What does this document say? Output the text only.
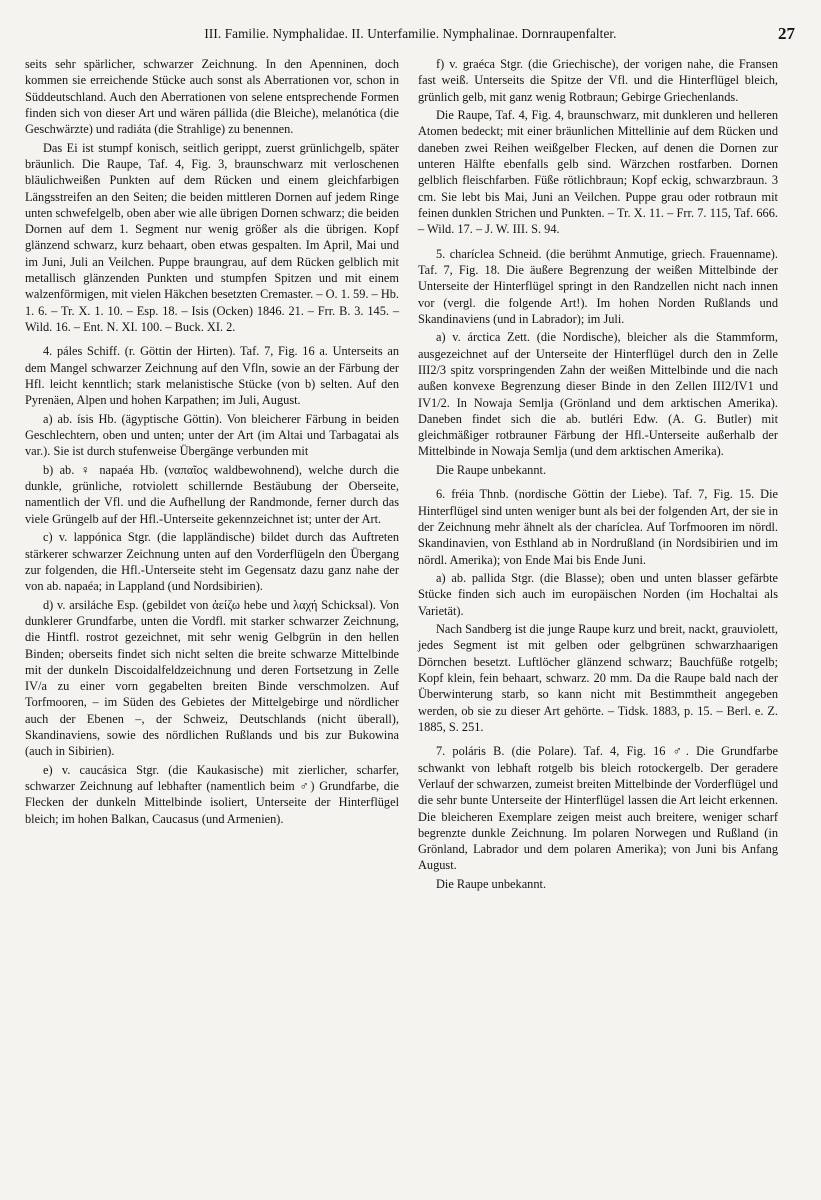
III. Familie. Nymphalidae. II. Unterfamilie. Nymphalinae. Dornraupenfalter.	27

seits sehr spärlicher, schwarzer Zeichnung. In den Apenninen, doch kommen sie erreichende Stücke auch sonst als Aberrationen vor, schon in Süddeutschland. Auch den Aberrationen von selene entsprechende Formen finden sich von dieser Art und wären pállida (die Bleiche), melanótica (die Geschwärzte) und radiáta (die Strahlige) zu benennen.

Das Ei ist stumpf konisch, seitlich gerippt, zuerst grünlichgelb, später bräunlich. Die Raupe, Taf. 4, Fig. 3, braunschwarz mit verloschenen bläulichweißen Punkten auf dem Rücken und einem gleichfarbigen Längsstreifen an den Seiten; die beiden mittleren Dornen auf jedem Ringe unten schwefelgelb, oben aber wie alle übrigen Dornen schwarz; die beiden Dornen auf dem 1. Segment nur wenig größer als die übrigen. Kopf glänzend schwarz, kurz behaart, oben etwas gespalten. Im April, Mai und im Juni, Juli an Veilchen. Puppe braungrau, auf dem Rücken gelblich mit metallisch glänzenden Punkten und stumpfen Spitzen und mit einem walzenförmigen, mit vielen Häkchen besetzten Cremaster. – O. 1. 59. – Hb. 1. 6. – Tr. X. 1. 10. – Esp. 18. – Isis (Ocken) 1846. 21. – Frr. B. 3. 145. – Wild. 16. – Ent. N. XI. 100. – Buck. XI. 2.

4. páles Schiff. (r. Göttin der Hirten). Taf. 7, Fig. 16 a. Unterseits an dem Mangel schwarzer Zeichnung auf den Vfln, sowie an der Färbung der Hfl. leicht kenntlich; stark melanistische Stücke (von b) selten. Auf den Pyrenäen, Alpen und hohen Karpathen; im Juli, August.

a) ab. ísis Hb. (ägyptische Göttin). Von bleicherer Färbung in beiden Geschlechtern, oben und unten; unter der Art (im Altai und Tarbagatai als var.). Sie ist durch stufenweise Übergänge verbunden mit

b) ab. ♀ napaéa Hb. (ναπαῖος waldbewohnend), welche durch die dunkle, grünliche, rotviolett schillernde Bestäubung der Oberseite, namentlich der Vfl. und die Aufhellung der Randmonde, ferner durch das viele Grüngelb auf der Hfl.-Unterseite gekennzeichnet ist; unter der Art.

c) v. lappónica Stgr. (die lappländische) bildet durch das Auftreten stärkerer schwarzer Zeichnung unten auf den Vorderflügeln den Übergang zur folgenden, die Hfl.-Unterseite steht im Gegensatz dazu ganz nahe der von ab. napaéa; in Lappland (und Nordsibirien).

d) v. arsiláche Esp. (gebildet von ἀείζω hebe und λαχή Schicksal). Von dunklerer Grundfarbe, unten die Vordfl. mit starker schwarzer Zeichnung, die Hintfl. rostrot gezeichnet, mit sehr wenig Gelbgrün in den hellen Binden; oberseits findet sich nicht selten die breite schwarze Mittelbinde mit der dunkeln Discoidalfeldzeichnung und deren Fortsetzung in Zelle IV/a zu einer vorn gegabelten breiten Binde verschmolzen. Auf Torfmooren, – im Süden des Gebietes der Mittelgebirge und nördlicher auch der Ebenen –, der Schweiz, Deutschlands (nicht überall), Skandinaviens, sowie des nördlichen Rußlands und bis zur Bukowina (auch in Sibirien).

e) v. caucásica Stgr. (die Kaukasische) mit zierlicher, scharfer, schwarzer Zeichnung auf lebhafter (namentlich beim ♂) Grundfarbe, die Flecken der dunkeln Mittelbinde isoliert, Unterseite der Hinterflügel bleich; im hohen Balkan, Caucasus (und Armenien).

f) v. graéca Stgr. (die Griechische), der vorigen nahe, die Fransen fast weiß. Unterseits die Spitze der Vfl. und die Hinterflügel bleich, grünlich gelb, mit ganz wenig Rotbraun; Gebirge Griechenlands.

Die Raupe, Taf. 4, Fig. 4, braunschwarz, mit dunkleren und helleren Atomen bedeckt; mit einer bräunlichen Mittellinie auf dem Rücken und daneben zwei Reihen weißgelber Flecken, auf denen die Dornen zur unteren Hälfte ebenfalls gelb sind. Wärzchen rostfarben. Dornen gelblich fleischfarben. Füße rötlichbraun; Kopf eckig, schwarzbraun. 3 cm. Sie lebt bis Mai, Juni an Veilchen. Puppe grau oder rotbraun mit feinen dunklen Strichen und Punkten. – Tr. X. 11. – Frr. 7. 115, Taf. 666. – Wild. 17. – J. W. III. S. 94.

5. charíclea Schneid. (die berühmt Anmutige, griech. Frauenname). Taf. 7, Fig. 18. Die äußere Begrenzung der weißen Mittelbinde der Unterseite der Hinterflügel springt in den Randzellen nicht nach innen vor (vergl. die folgende Art!). Im hohen Norden Rußlands und Skandinaviens (und in Labrador); im Juli.

a) v. árctica Zett. (die Nordische), bleicher als die Stammform, ausgezeichnet auf der Unterseite der Hinterflügel durch den in Zelle III2/3 spitz vorspringenden Zahn der weißen Mittelbinde und die nach außen konvexe Begrenzung dieser Binde in den Zellen III2/IV1 und IV1/2. In Nowaja Semlja (Grönland und dem arktischen Amerika). Daneben findet sich die ab. butléri Edw. (A. G. Butler) mit gleichmäßiger rotbrauner Färbung der Hfl.-Unterseite außerhalb der Mittelbinde in Nowaja Semlja (und dem arktischen Amerika).

Die Raupe unbekannt.

6. fréia Thnb. (nordische Göttin der Liebe). Taf. 7, Fig. 15. Die Hinterflügel sind unten weniger bunt als bei der folgenden Art, der sie in der Zeichnung mehr ähnelt als der charíclea. Auf Torfmooren im nördl. Skandinavien, von Esthland ab in Nordrußland (in Nordsibirien und im nördl. Amerika); von Ende Mai bis Ende Juni.

a) ab. pallida Stgr. (die Blasse); oben und unten blasser gefärbte Stücke finden sich auch im europäischen Norden (im Hochaltai als Varietät).

Nach Sandberg ist die junge Raupe kurz und breit, nackt, grauviolett, jedes Segment ist mit gelben oder gelbgrünen schwarzhaarigen Dörnchen besetzt. Luftlöcher glänzend schwarz; Bauchfüße rotgelb; Kopf klein, fein behaart, schwarz. 20 mm. Da die Raupe bald nach der Überwinterung starb, so kann nicht mit Bestimmtheit angegeben werden, ob sie zu dieser Art gehörte. – Tidsk. 1883, p. 15. – Berl. e. Z. 1885, S. 251.

7. poláris B. (die Polare). Taf. 4, Fig. 16 ♂. Die Grundfarbe schwankt von lebhaft rotgelb bis bleich rotockergelb. Der geradere Verlauf der schwarzen, zumeist breiten Mittelbinde der Vorderflügel und die sehr bunte Unterseite der Hinterflügel lassen die Art leicht erkennen. Die bleicheren Exemplare zeigen meist auch breitere, weniger scharf begrenzte dunkle Zeichnung. Im polaren Norwegen und Rußland (in Grönland, Labrador und dem polaren Amerika); von Juni bis Anfang August.

Die Raupe unbekannt.
